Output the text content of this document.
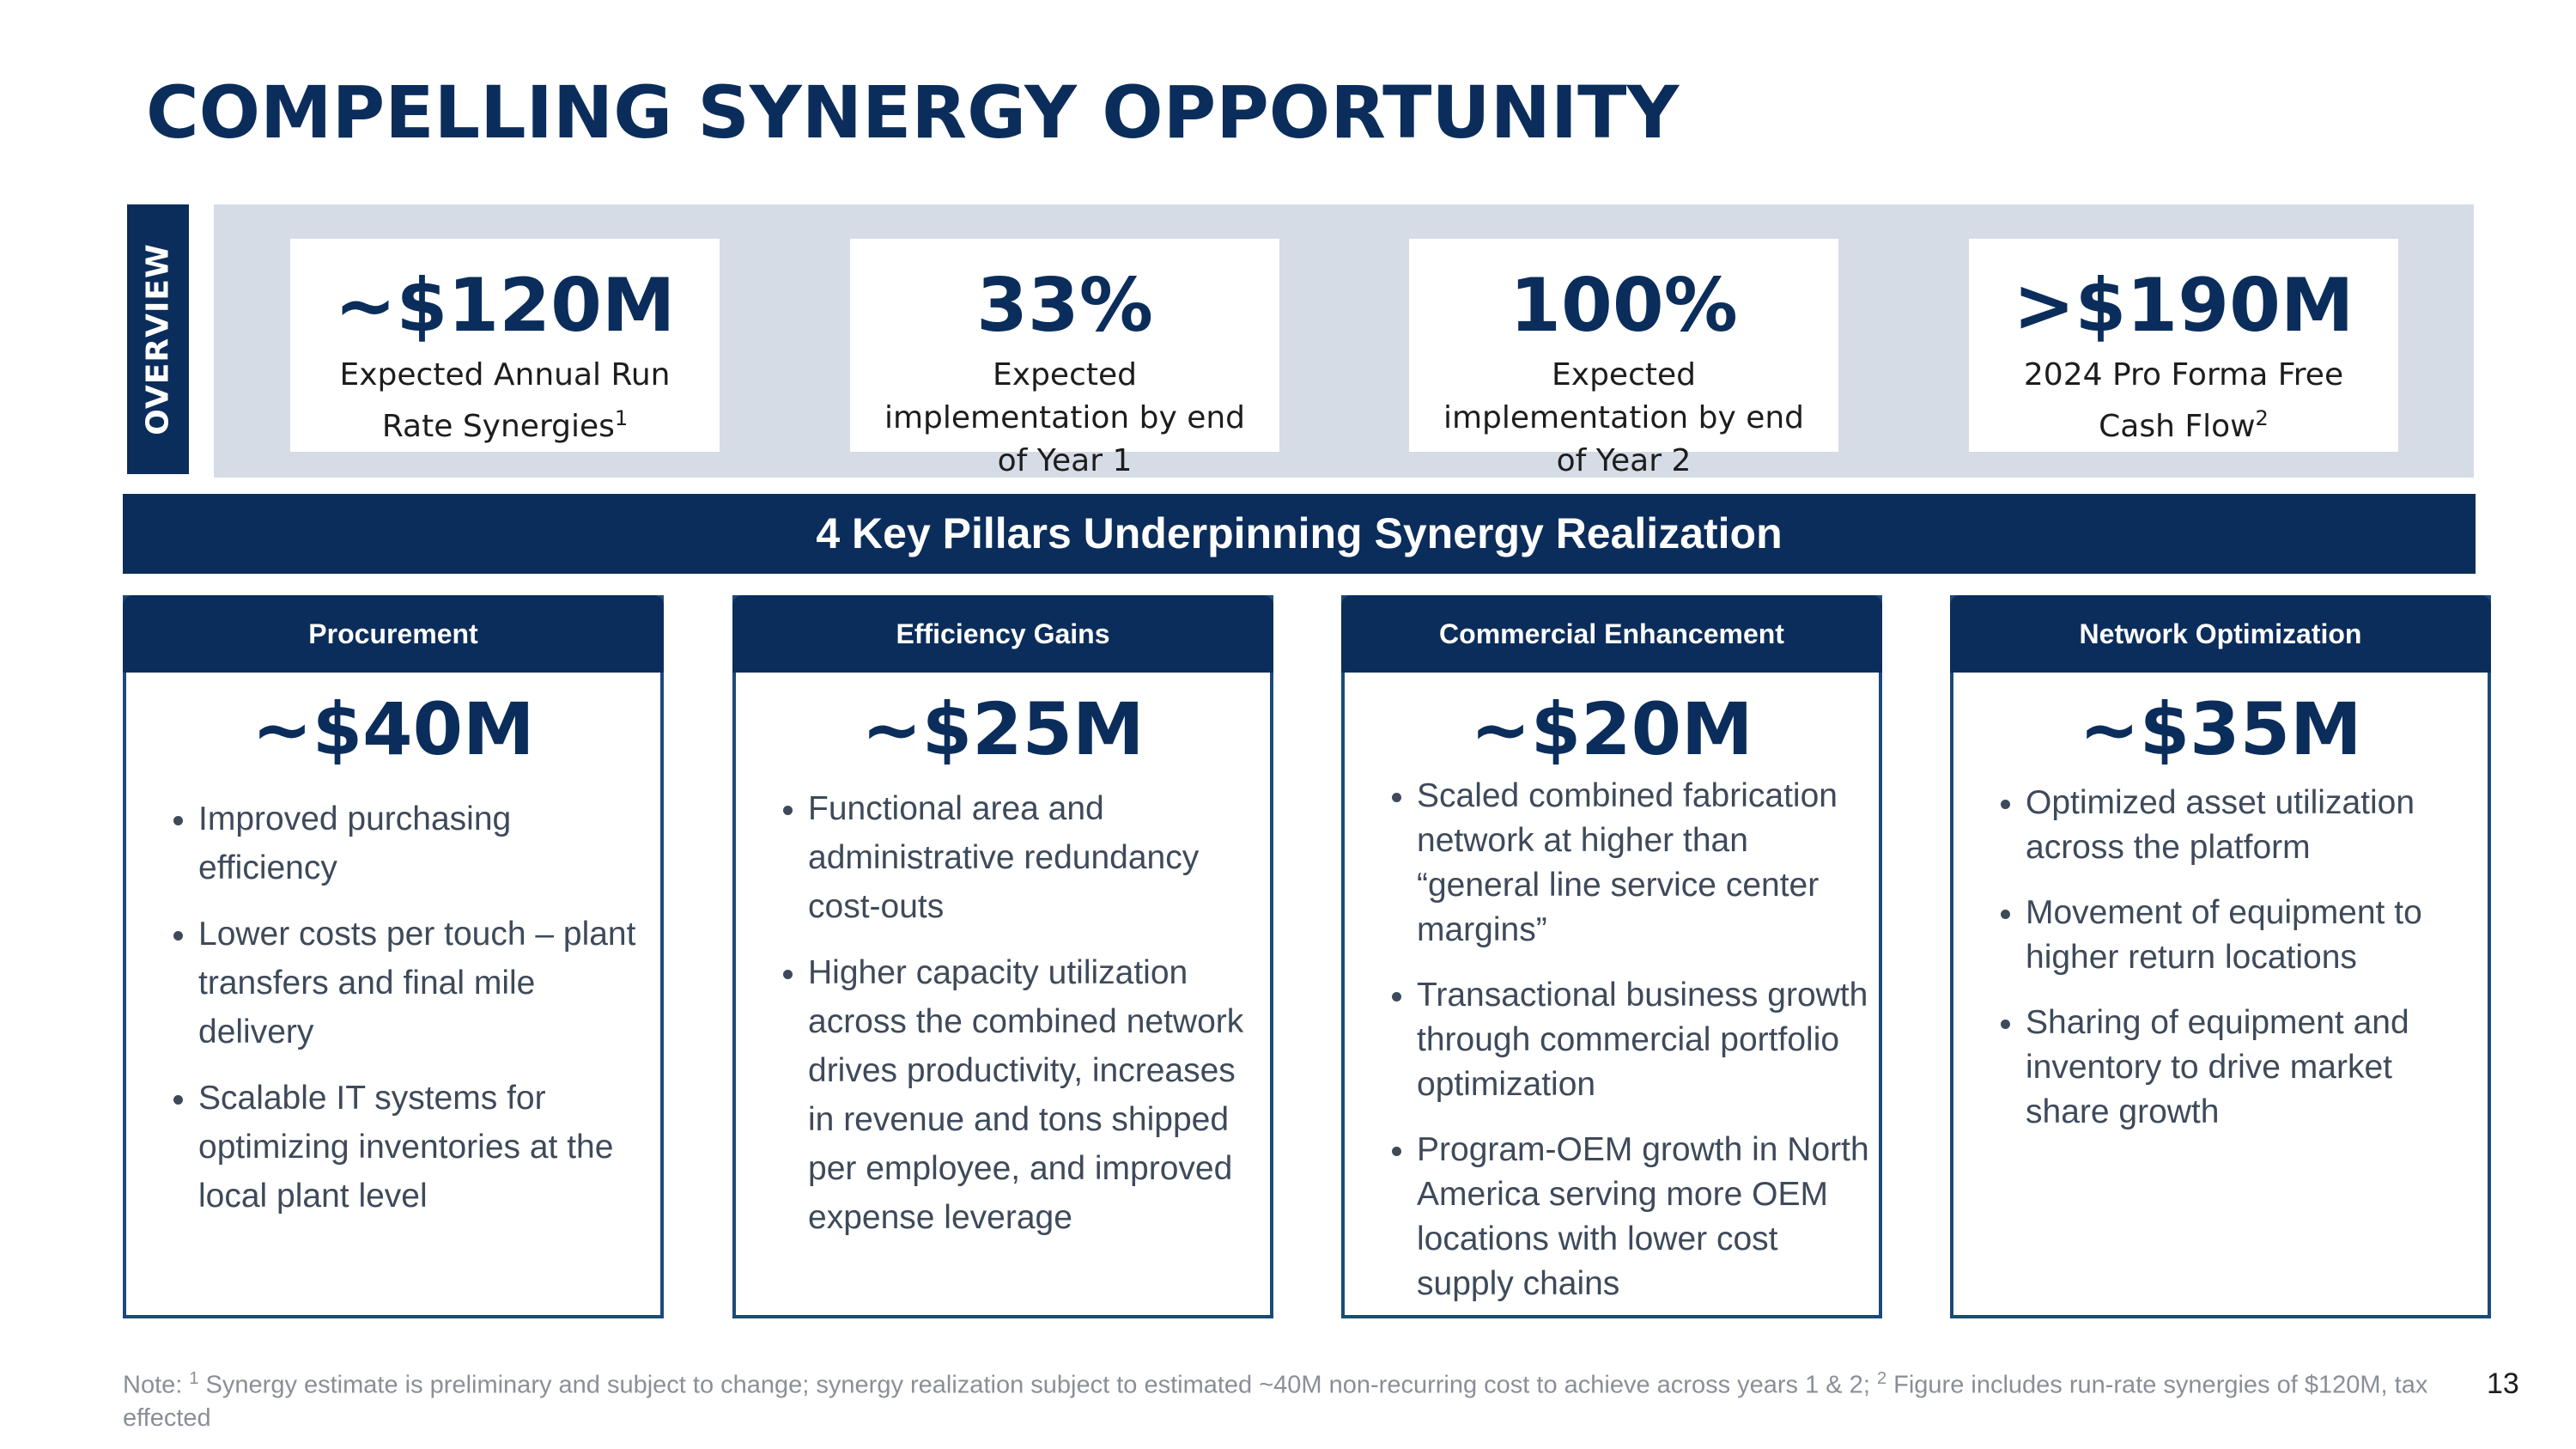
COMPELLING SYNERGY OPPORTUNITY
OVERVIEW	~$120M
Expected Annual Run Rate Synergies$^1$
33%
Expected implementation by end of Year 1
100%
Expected implementation by end of Year 2
>$190M
2024 Pro Forma Free Cash Flow$^2$
4 Key Pillars Underpinning Synergy Realization
Procurement
~$40M
• Improved purchasing efficiency
• Lower costs per touch – plant transfers and final mile delivery
• Scalable IT systems for optimizing inventories at the local plant level
Efficiency Gains
~$25M
• Functional area and administrative redundancy cost-outs
• Higher capacity utilization across the combined network drives productivity, increases in revenue and tons shipped per employee, and improved expense leverage
Commercial Enhancement
~$20M
• Scaled combined fabrication network at higher than “general line service center margins”
• Transactional business growth through commercial portfolio optimization
• Program-OEM growth in North America serving more OEM locations with lower cost supply chains
Network Optimization
~$35M
• Optimized asset utilization across the platform
• Movement of equipment to higher return locations
• Sharing of equipment and inventory to drive market share growth
Note: $^1$ Synergy estimate is preliminary and subject to change; synergy realization subject to estimated ~40M non-recurring cost to achieve across years 1 & 2; $^2$ Figure includes run-rate synergies of $120M, tax effected
13
